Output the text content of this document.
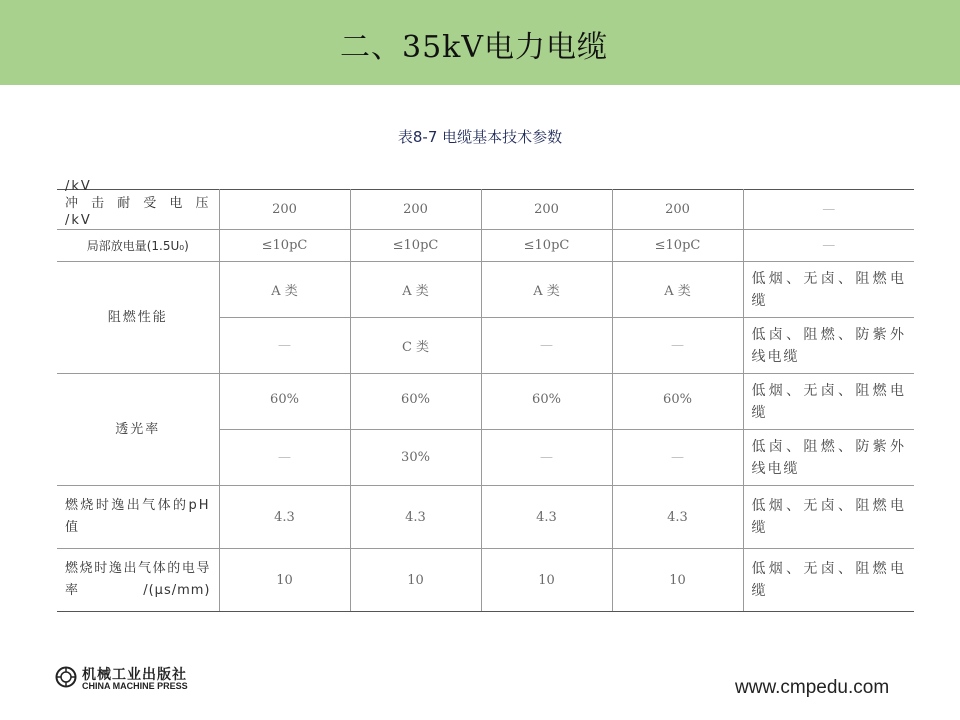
二、35kV电力电缆
表8-7 电缆基本技术参数
/kV
冲击耐受电压
/kV	200	200	200	200	—
局部放电量(1.5U₀)	≤10pC	≤10pC	≤10pC	≤10pC	—
阻燃性能	A 类	A 类	A 类	A 类	低烟、无卤、阻燃电缆
	—	C 类	—	—	低卤、阻燃、防紫外线电缆
透光率	60%	60%	60%	60%	低烟、无卤、阻燃电缆
	—	30%	—	—	低卤、阻燃、防紫外线电缆
燃烧时逸出气体的pH值	4.3	4.3	4.3	4.3	低烟、无卤、阻燃电缆
燃烧时逸出气体的电导率/(μs/mm)	10	10	10	10	低烟、无卤、阻燃电缆
机械工业出版社
CHINA MACHINE PRESS	www.cmpedu.com
